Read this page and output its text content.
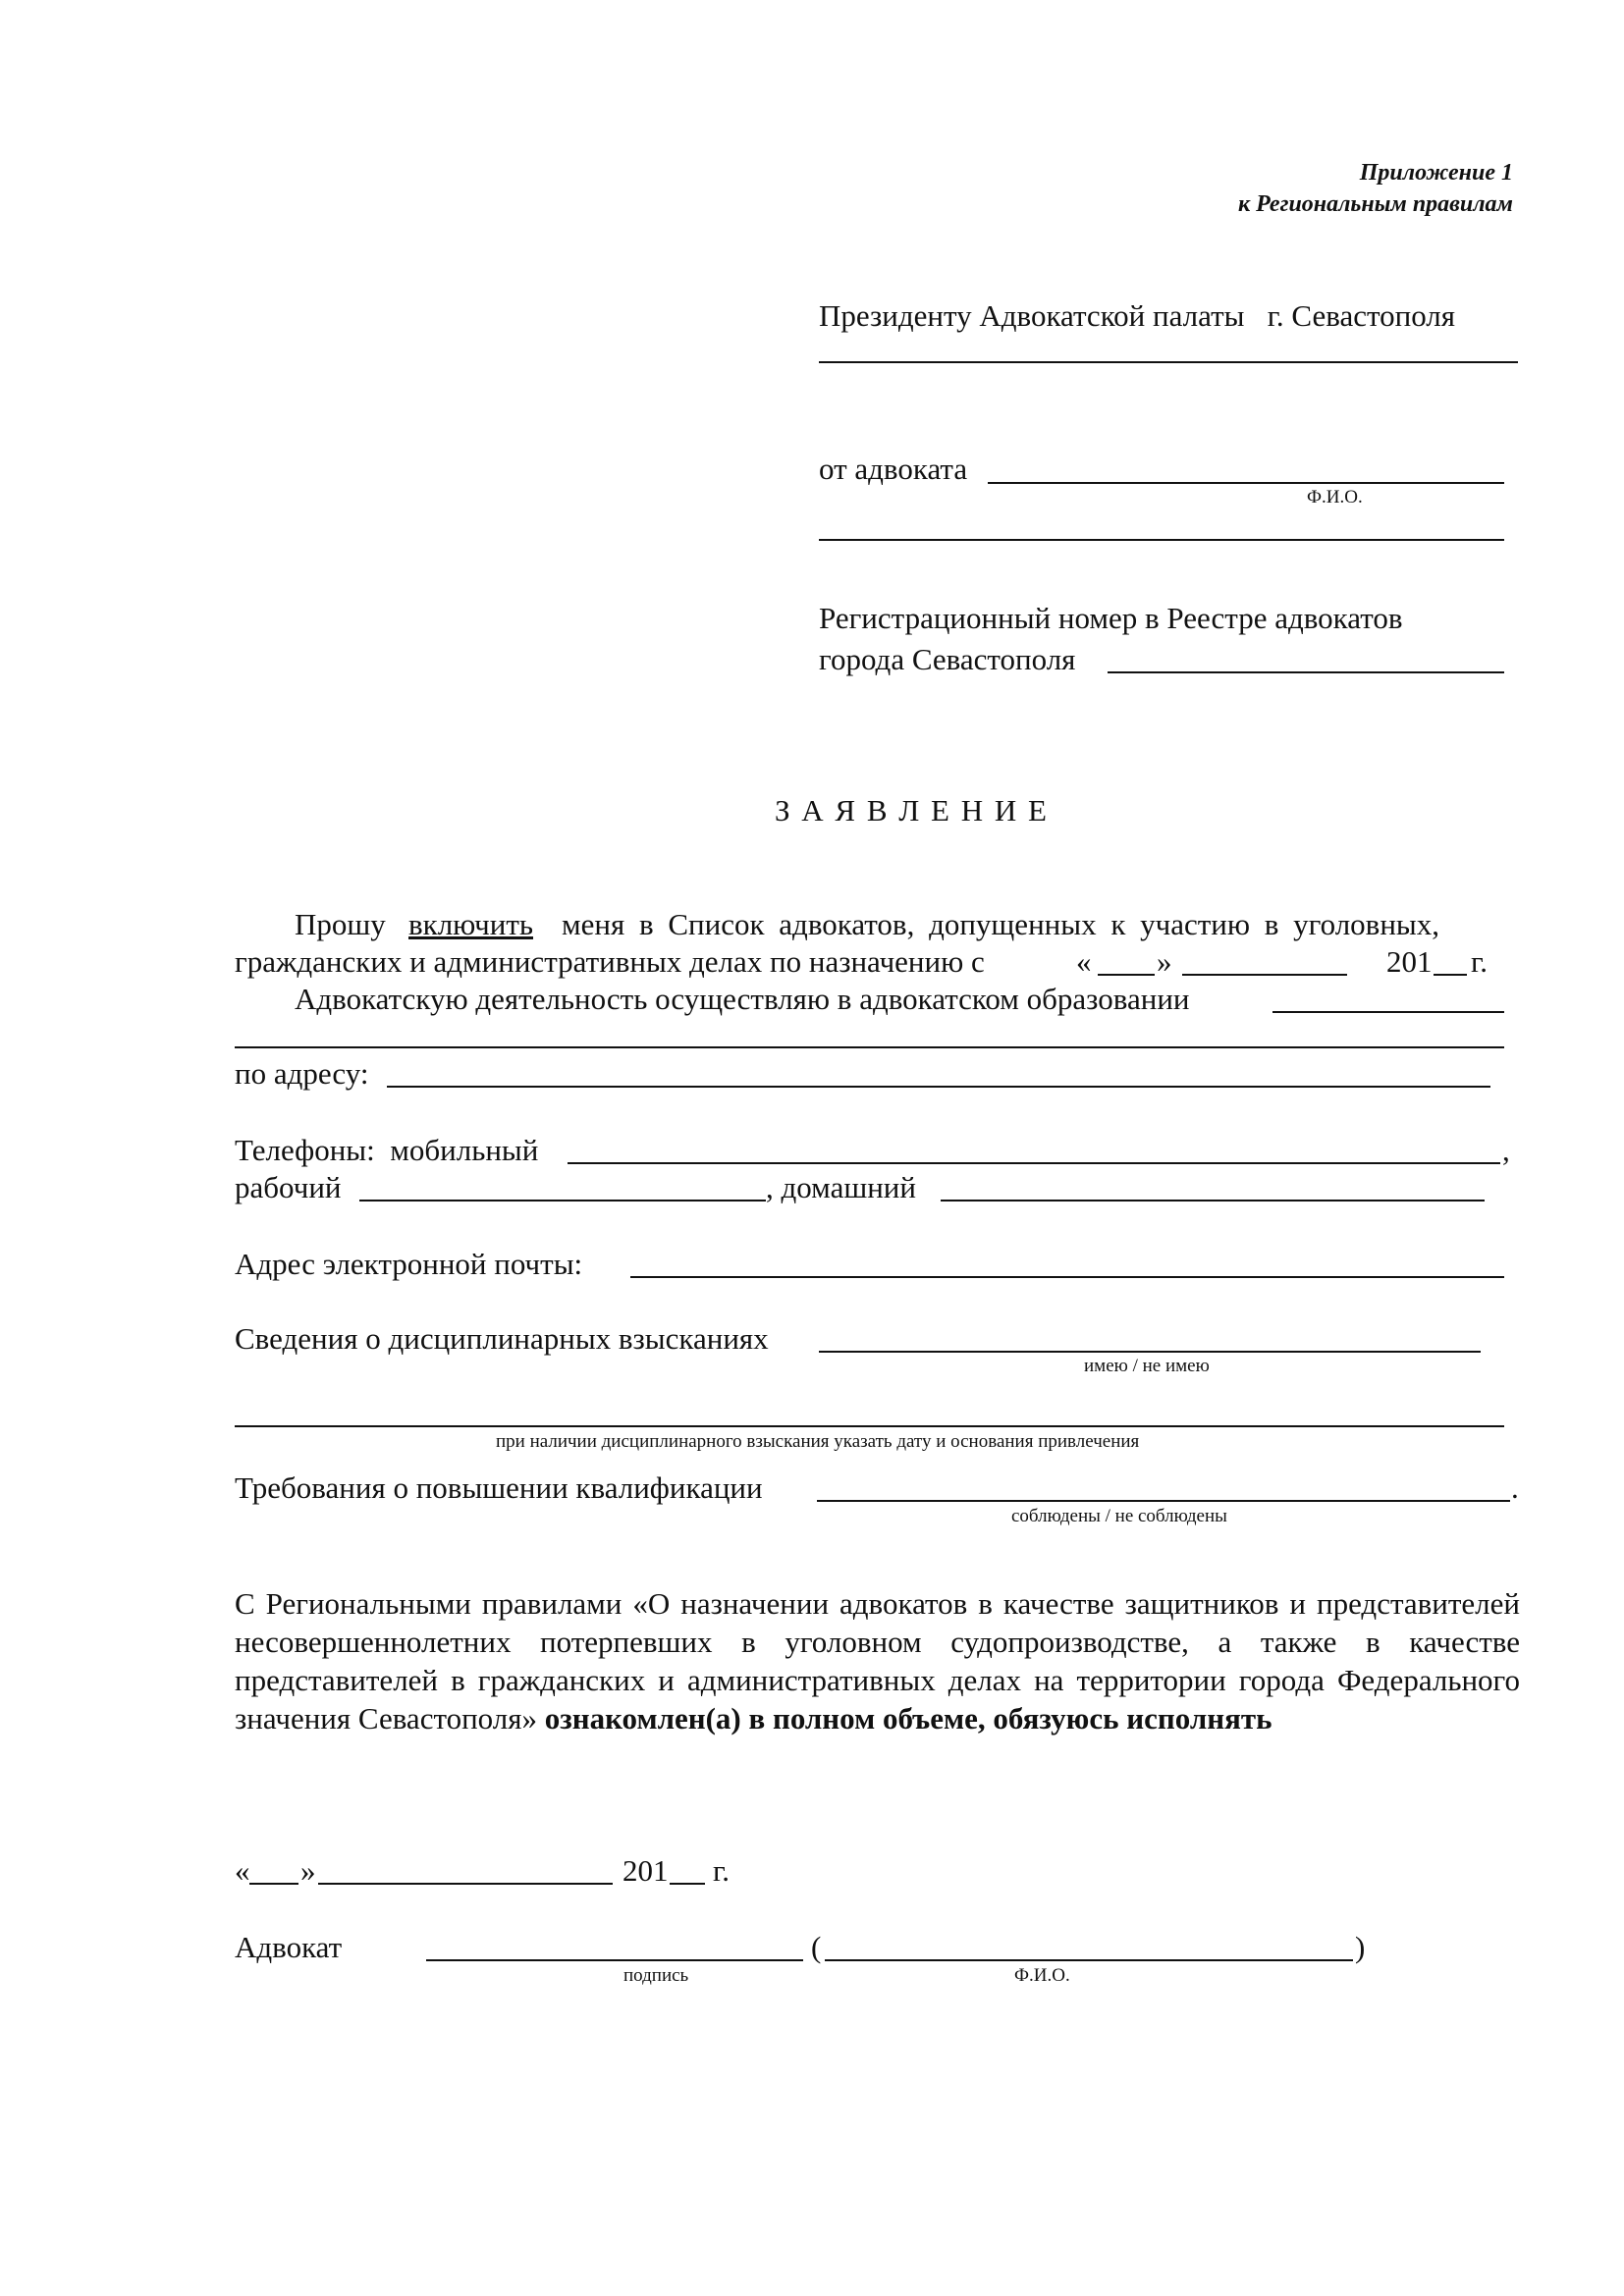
Приложение 1
к Региональным правилам
Президенту Адвокатской палаты   г. Севастополя
от адвоката
Ф.И.О.
Регистрационный номер в Реестре адвокатов
города Севастополя
З А Я В Л Е Н И Е
Прошу включить меня в Список адвокатов, допущенных к участию в уголовных,
гражданских и административных делах по назначению с	« »	201 г.
Адвокатскую деятельность осуществляю в адвокатском образовании
по адресу:
Телефоны:  мобильный	,
рабочий	, домашний
Адрес электронной почты:
Сведения о дисциплинарных взысканиях
имею / не имею
при наличии дисциплинарного взыскания указать дату и основания привлечения
Требования о повышении квалификации	.
соблюдены / не соблюдены
С Региональными правилами «О назначении адвокатов в качестве защитников и представителей несовершеннолетних потерпевших в уголовном судопроизводстве, а также в качестве представителей в гражданских и административных делах на территории города Федерального значения Севастополя» ознакомлен(а) в полном объеме, обязуюсь исполнять
« »	201 г.
Адвокат	(	)
подпись	Ф.И.О.
